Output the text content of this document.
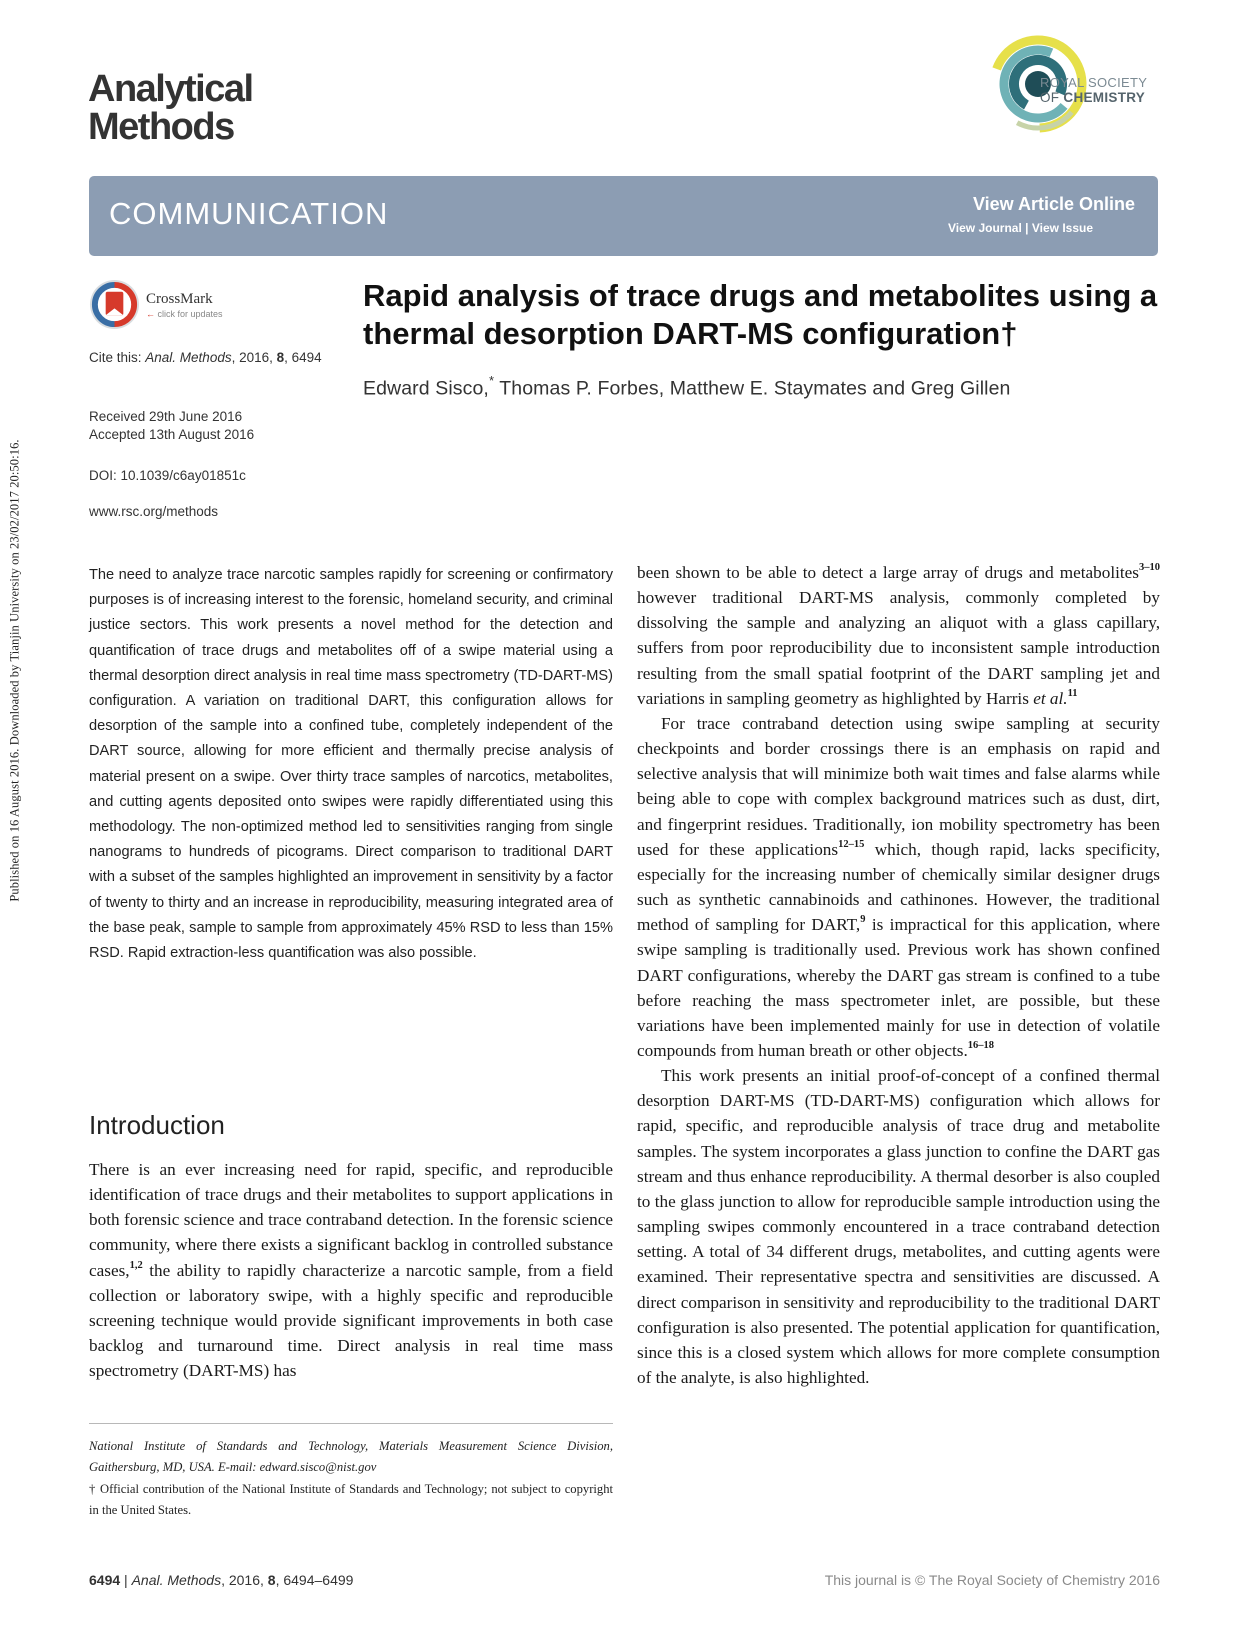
Published on 16 August 2016. Downloaded by Tianjin University on 23/02/2017 20:50:16.
Analytical
Methods
ROYAL SOCIETY
OF CHEMISTRY
COMMUNICATION	View Article Online
View Journal | View Issue
CrossMark
← click for updates
Cite this: Anal. Methods, 2016, 8, 6494
Received 29th June 2016
Accepted 13th August 2016
DOI: 10.1039/c6ay01851c
www.rsc.org/methods
Rapid analysis of trace drugs and metabolites using a thermal desorption DART-MS configuration†
Edward Sisco,* Thomas P. Forbes, Matthew E. Staymates and Greg Gillen
The need to analyze trace narcotic samples rapidly for screening or confirmatory purposes is of increasing interest to the forensic, homeland security, and criminal justice sectors. This work presents a novel method for the detection and quantification of trace drugs and metabolites off of a swipe material using a thermal desorption direct analysis in real time mass spectrometry (TD-DART-MS) configuration. A variation on traditional DART, this configuration allows for desorption of the sample into a confined tube, completely independent of the DART source, allowing for more efficient and thermally precise analysis of material present on a swipe. Over thirty trace samples of narcotics, metabolites, and cutting agents deposited onto swipes were rapidly differentiated using this methodology. The non-optimized method led to sensitivities ranging from single nanograms to hundreds of picograms. Direct comparison to traditional DART with a subset of the samples highlighted an improvement in sensitivity by a factor of twenty to thirty and an increase in reproducibility, measuring integrated area of the base peak, sample to sample from approximately 45% RSD to less than 15% RSD. Rapid extraction-less quantification was also possible.
Introduction

There is an ever increasing need for rapid, specific, and reproducible identification of trace drugs and their metabolites to support applications in both forensic science and trace contraband detection. In the forensic science community, where there exists a significant backlog in controlled substance cases,$^{1,2}$ the ability to rapidly characterize a narcotic sample, from a field collection or laboratory swipe, with a highly specific and reproducible screening technique would provide significant improvements in both case backlog and turnaround time. Direct analysis in real time mass spectrometry (DART-MS) has

been shown to be able to detect a large array of drugs and metabolites$^{3-10}$ however traditional DART-MS analysis, commonly completed by dissolving the sample and analyzing an aliquot with a glass capillary, suffers from poor reproducibility due to inconsistent sample introduction resulting from the small spatial footprint of the DART sampling jet and variations in sampling geometry as highlighted by Harris et al.$^{11}$

For trace contraband detection using swipe sampling at security checkpoints and border crossings there is an emphasis on rapid and selective analysis that will minimize both wait times and false alarms while being able to cope with complex background matrices such as dust, dirt, and fingerprint residues. Traditionally, ion mobility spectrometry has been used for these applications$^{12-15}$ which, though rapid, lacks specificity, especially for the increasing number of chemically similar designer drugs such as synthetic cannabinoids and cathinones. However, the traditional method of sampling for DART,$^9$ is impractical for this application, where swipe sampling is traditionally used. Previous work has shown confined DART configurations, whereby the DART gas stream is confined to a tube before reaching the mass spectrometer inlet, are possible, but these variations have been implemented mainly for use in detection of volatile compounds from human breath or other objects.$^{16-18}$

This work presents an initial proof-of-concept of a confined thermal desorption DART-MS (TD-DART-MS) configuration which allows for rapid, specific, and reproducible analysis of trace drug and metabolite samples. The system incorporates a glass junction to confine the DART gas stream and thus enhance reproducibility. A thermal desorber is also coupled to the glass junction to allow for reproducible sample introduction using the sampling swipes commonly encountered in a trace contraband detection setting. A total of 34 different drugs, metabolites, and cutting agents were examined. Their representative spectra and sensitivities are discussed. A direct comparison in sensitivity and reproducibility to the traditional DART configuration is also presented. The potential application for quantification, since this is a closed system which allows for more complete consumption of the analyte, is also highlighted.

National Institute of Standards and Technology, Materials Measurement Science Division, Gaithersburg, MD, USA. E-mail: edward.sisco@nist.gov

† Official contribution of the National Institute of Standards and Technology; not subject to copyright in the United States.

6494 | Anal. Methods, 2016, 8, 6494–6499	This journal is © The Royal Society of Chemistry 2016
